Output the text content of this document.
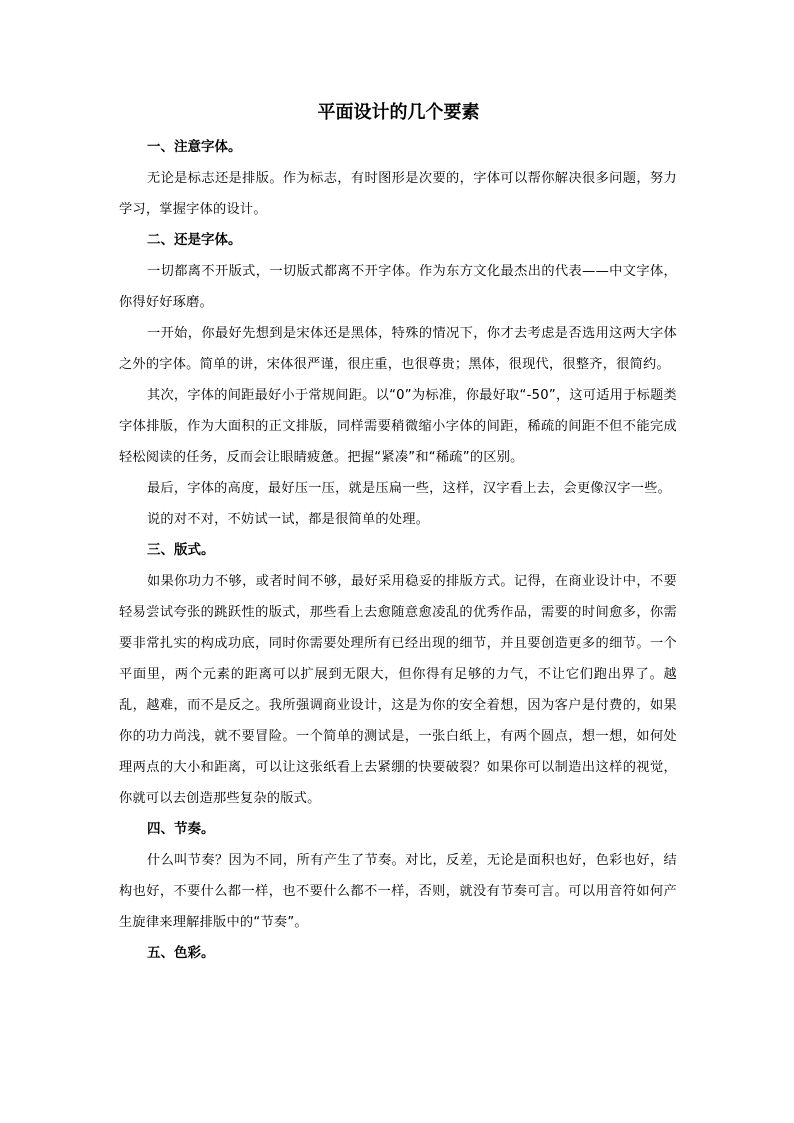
平面设计的几个要素

一、注意字体。

无论是标志还是排版。作为标志，有时图形是次要的，字体可以帮你解决很多问题，努力学习，掌握字体的设计。

二、还是字体。

一切都离不开版式，一切版式都离不开字体。作为东方文化最杰出的代表——中文字体，你得好好琢磨。

一开始，你最好先想到是宋体还是黑体，特殊的情况下，你才去考虑是否选用这两大字体之外的字体。简单的讲，宋体很严谨，很庄重，也很尊贵；黑体，很现代，很整齐，很简约。

其次，字体的间距最好小于常规间距。以“0”为标准，你最好取“-50”，这可适用于标题类字体排版，作为大面积的正文排版，同样需要稍微缩小字体的间距，稀疏的间距不但不能完成轻松阅读的任务，反而会让眼睛疲惫。把握“紧凑”和“稀疏”的区别。

最后，字体的高度，最好压一压，就是压扁一些，这样，汉字看上去，会更像汉字一些。

说的对不对，不妨试一试，都是很简单的处理。

三、版式。

如果你功力不够，或者时间不够，最好采用稳妥的排版方式。记得，在商业设计中，不要轻易尝试夸张的跳跃性的版式，那些看上去愈随意愈凌乱的优秀作品，需要的时间愈多，你需要非常扎实的构成功底，同时你需要处理所有已经出现的细节，并且要创造更多的细节。一个平面里，两个元素的距离可以扩展到无限大，但你得有足够的力气，不让它们跑出界了。越乱，越难，而不是反之。我所强调商业设计，这是为你的安全着想，因为客户是付费的，如果你的功力尚浅，就不要冒险。一个简单的测试是，一张白纸上，有两个圆点，想一想，如何处理两点的大小和距离，可以让这张纸看上去紧绷的快要破裂？如果你可以制造出这样的视觉，你就可以去创造那些复杂的版式。

四、节奏。

什么叫节奏？因为不同，所有产生了节奏。对比，反差，无论是面积也好，色彩也好，结构也好，不要什么都一样，也不要什么都不一样，否则，就没有节奏可言。可以用音符如何产生旋律来理解排版中的“节奏”。

五、色彩。
